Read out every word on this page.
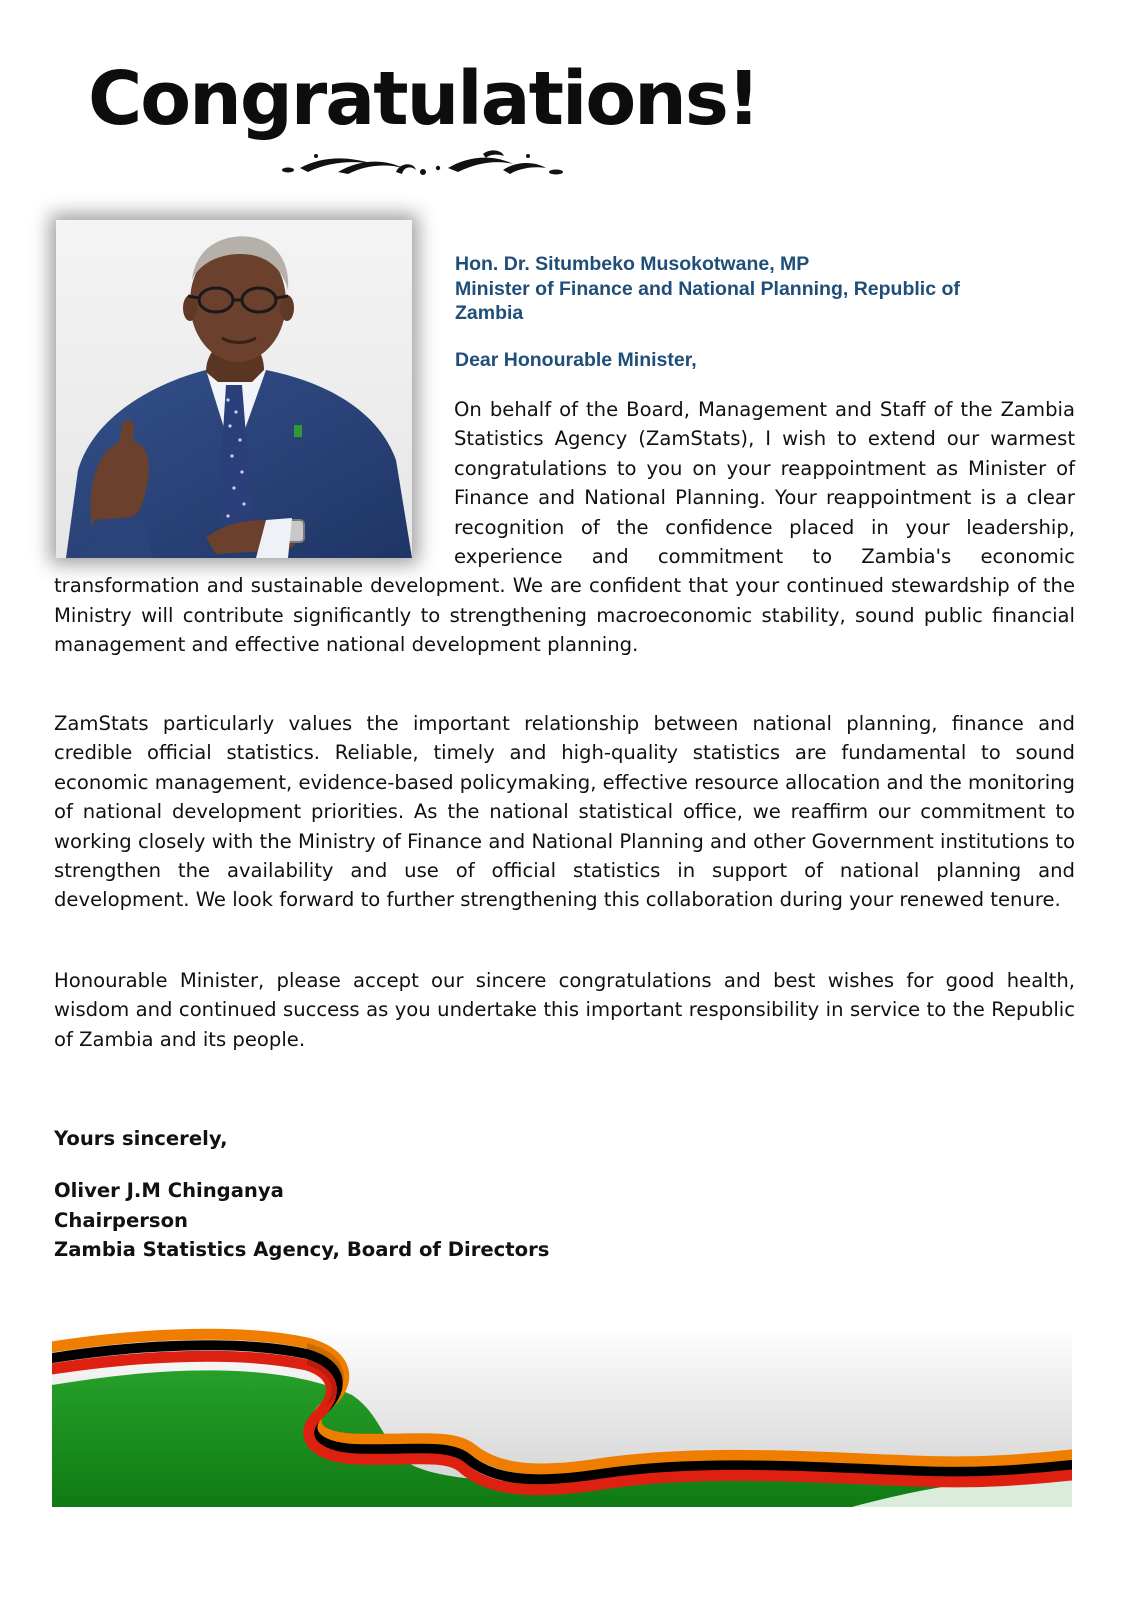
Congratulations!
Hon. Dr. Situmbeko Musokotwane, MP
Minister of Finance and National Planning, Republic of
Zambia
Dear Honourable Minister,
On behalf of the Board, Management and Staff of the Zambia Statistics Agency (ZamStats), I wish to extend our warmest congratulations to you on your reappointment as Minister of Finance and National Planning. Your reappointment is a clear recognition of the confidence placed in your leadership, experience and commitment to Zambia's economic transformation and sustainable development. We are confident that your continued stewardship of the Ministry will contribute significantly to strengthening macroeconomic stability, sound public financial management and effective national development planning.

ZamStats particularly values the important relationship between national planning, finance and credible official statistics. Reliable, timely and high-quality statistics are fundamental to sound economic management, evidence-based policymaking, effective resource allocation and the monitoring of national development priorities. As the national statistical office, we reaffirm our commitment to working closely with the Ministry of Finance and National Planning and other Government institutions to strengthen the availability and use of official statistics in support of national planning and development. We look forward to further strengthening this collaboration during your renewed tenure.

Honourable Minister, please accept our sincere congratulations and best wishes for good health, wisdom and continued success as you undertake this important responsibility in service to the Republic of Zambia and its people.

Yours sincerely,
Oliver J.M Chinganya
Chairperson
Zambia Statistics Agency, Board of Directors
